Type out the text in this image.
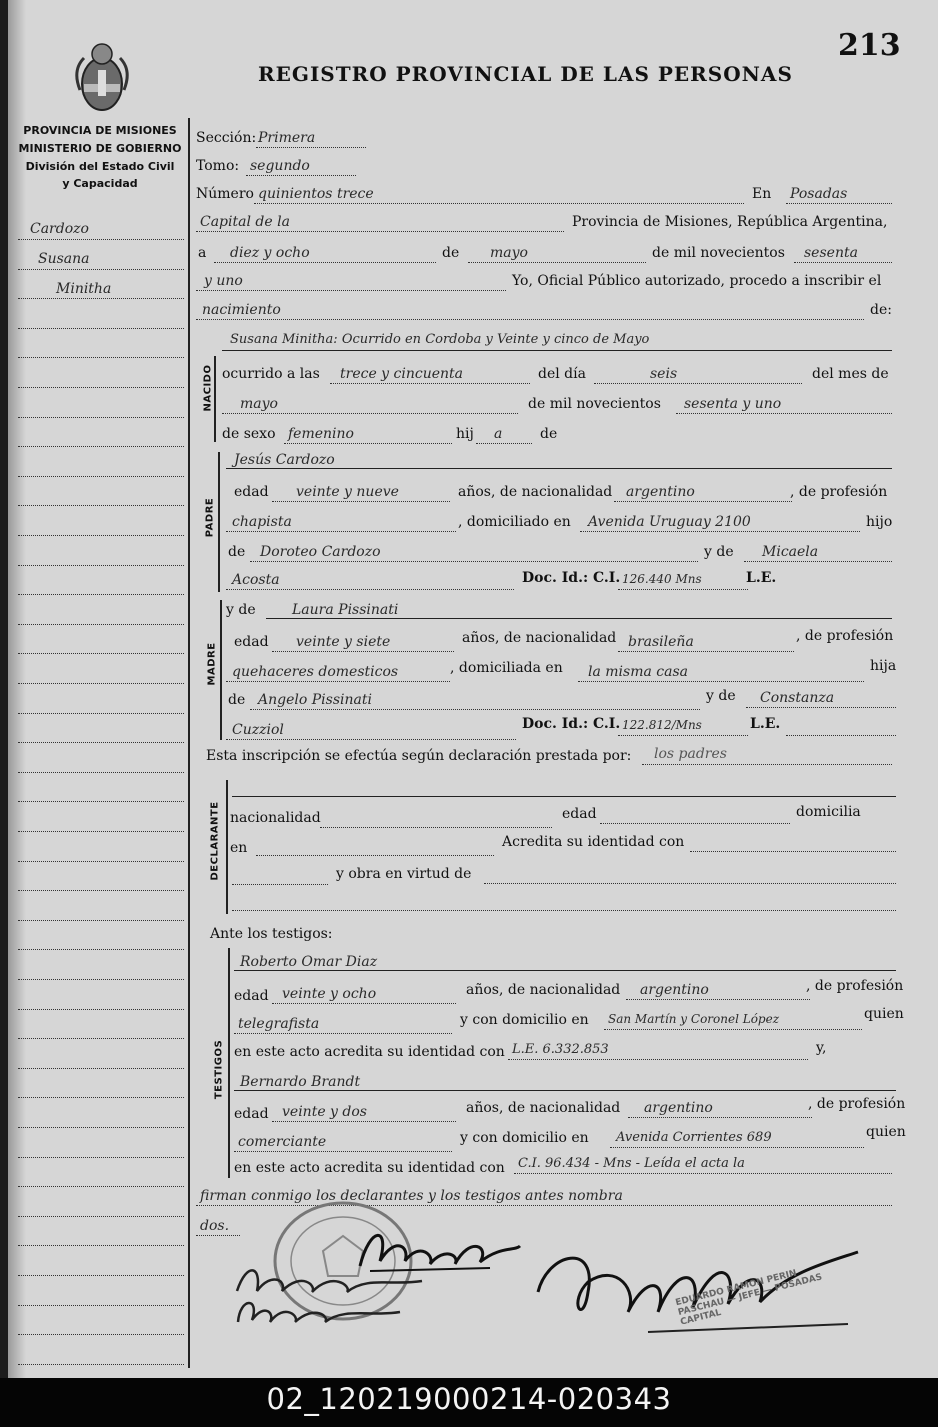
213
REGISTRO PROVINCIAL DE LAS PERSONAS
PROVINCIA DE MISIONES
MINISTERIO DE GOBIERNO
División del Estado Civil
y Capacidad
Cardozo
Susana
Minitha
Sección: Primera
Tomo: segundo
Número quinientos trece	En Posadas
Capital de la	Provincia de Misiones, República Argentina,
a diez y ocho	de mayo	de mil novecientos sesenta
y uno	Yo, Oficial Público autorizado, procedo a inscribir el
nacimiento	de:
NACIDO
Susana Minitha: Ocurrido en Cordoba y Veinte y cinco de Mayo
ocurrido a las trece y cincuenta	del día	seis	del mes de
mayo	de mil novecientos sesenta y uno
de sexo femenino	hij a	de
PADRE
Jesús Cardozo
edad veinte y nueve	años, de nacionalidad argentino	, de profesión
chapista	, domiciliado en Avenida Uruguay 2100	hijo
de Doroteo Cardozo	y de Micaela
Acosta	Doc. Id.: C.I. 126.440 Mns	L.E.
MADRE
y de	Laura Pissinati
edad veinte y siete	años, de nacionalidad brasileña	, de profesión
quehaceres domesticos	, domiciliada en la misma casa	hija
de Angelo Pissinati	y de Constanza
Cuzziol	Doc. Id.: C.I. 122.812/Mns	L.E.
Esta inscripción se efectúa según declaración prestada por: los padres
DECLARANTE nacionalidad	edad	domicilia
en	Acredita su identidad con
y obra en virtud de
Ante los testigos:
TESTIGOS
Roberto Omar Diaz
edad veinte y ocho	años, de nacionalidad argentino	, de profesión
telegrafista	y con domicilio en San Martín y Coronel López	quien
en este acto acredita su identidad con L.E. 6.332.853	y,
Bernardo Brandt
edad veinte y dos	años, de nacionalidad argentino	, de profesión
comerciante	y con domicilio en Avenida Corrientes 689	quien
en este acto acredita su identidad con C.I. 96.434 - Mns - Leída el acta la
firman conmigo los declarantes y los testigos antes nombra
dos.
EDUARDO RAMON PERIN PASCHAU — JEFE — POSADAS CAPITAL
02_120219000214-020343
